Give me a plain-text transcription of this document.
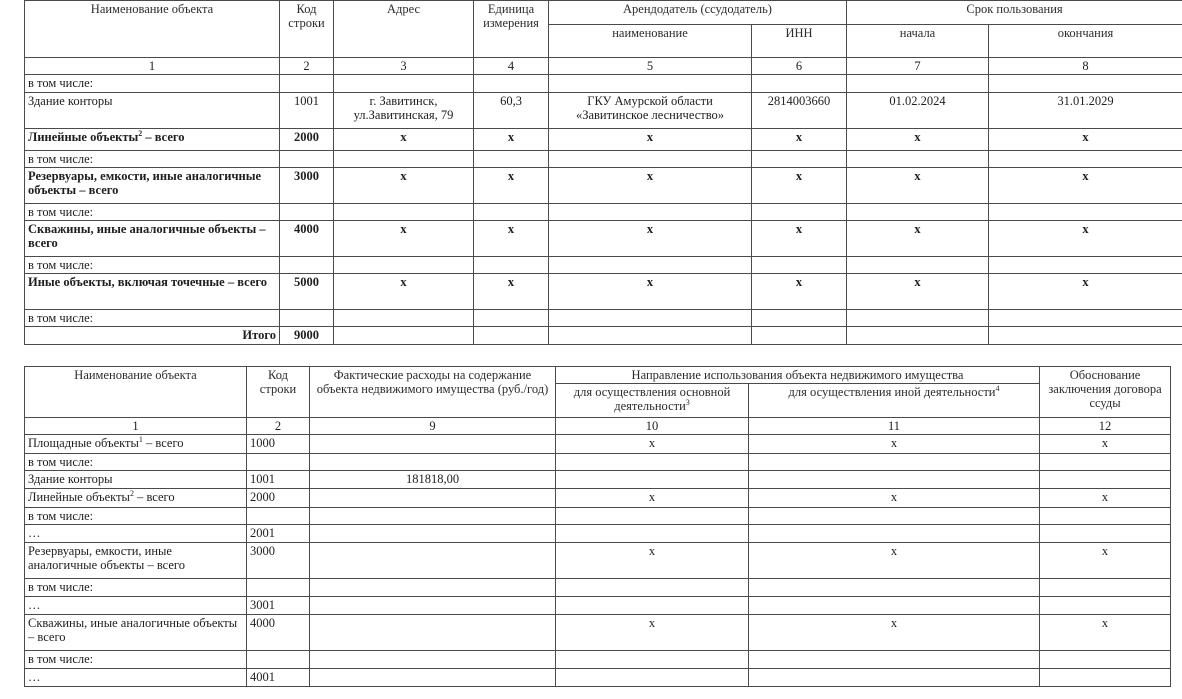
Наименование объекта	Код строки	Адрес	Единица измерения	Арендодатель (ссудодатель)		Срок пользования	
				наименование	ИНН	начала	окончания
1	2	3	4	5	6	7	8
в том числе:							
Здание конторы	1001	г. Завитинск, ул.Завитинская, 79	60,3	ГКУ Амурской области «Завитинское лесничество»	2814003660	01.02.2024	31.01.2029
Линейные объекты$^2$ – всего	2000	х	х	х	х	х	х
в том числе:							
Резервуары, емкости, иные аналогичные объекты – всего	3000	х	х	х	х	х	х
в том числе:							
Скважины, иные аналогичные объекты – всего	4000	х	х	х	х	х	х
в том числе:							
Иные объекты, включая точечные – всего	5000	х	х	х	х	х	х
в том числе:							
Итого	9000						
Наименование объекта	Код строки	Фактические расходы на содержание объекта недвижимого имущества (руб./год)	Направление использования объекта недвижимого имущества		Обоснование заключения договора ссуды
			для осуществления основной деятельности$^3$	для осуществления иной деятельности$^4$
1	2	9	10	11	12
Площадные объекты$^1$ – всего	1000		х	х	х
в том числе:					
Здание конторы	1001	181818,00			
Линейные объекты$^2$ – всего	2000		х	х	х
в том числе:					
…	2001				
Резервуары, емкости, иные аналогичные объекты – всего	3000		х	х	х
в том числе:					
…	3001				
Скважины, иные аналогичные объекты – всего	4000		х	х	х
в том числе:					
…	4001				
